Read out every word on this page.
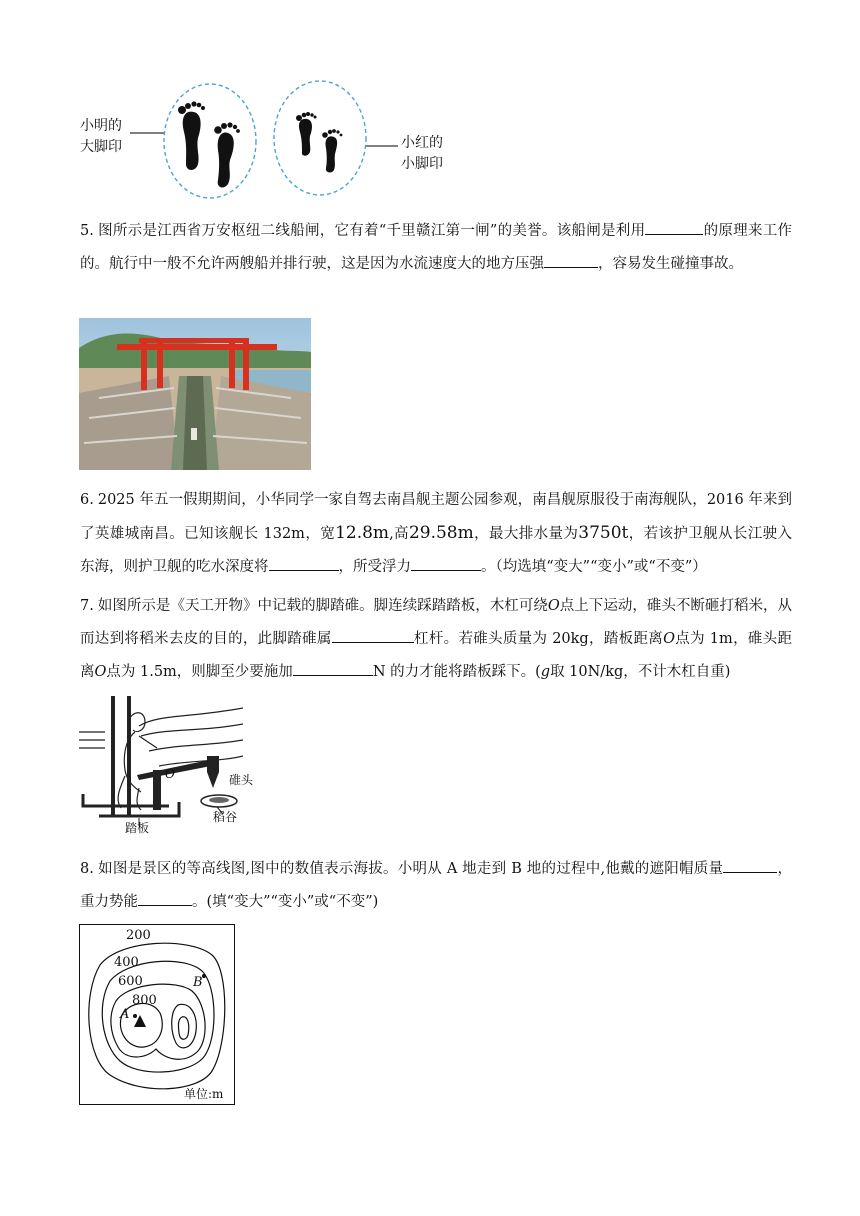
小明的
大脚印	小红的
小脚印

5. 图所示是江西省万安枢纽二线船闸，它有着“千里赣江第一闸”的美誉。该船闸是利用	的原理来工作的。航行中一般不允许两艘船并排行驶，这是因为水流速度大的地方压强	，容易发生碰撞事故。

6. 2025 年五一假期期间，小华同学一家自驾去南昌舰主题公园参观，南昌舰原服役于南海舰队，2016 年来到了英雄城南昌。已知该舰长 132m，宽12.8m,高29.58m，最大排水量为3750t，若该护卫舰从长江驶入东海，则护卫舰的吃水深度将	，所受浮力	。（均选填“变大”“变小”或“不变”）

7. 如图所示是《天工开物》中记载的脚踏碓。脚连续踩踏踏板，木杠可绕O点上下运动，碓头不断砸打稻米，从而达到将稻米去皮的目的，此脚踏碓属	杠杆。若碓头质量为 20kg，踏板距离O点为 1m，碓头距离O点为 1.5m，则脚至少要施加	N 的力才能将踏板踩下。(g取 10N/kg，不计木杠自重)

O	碓头
稻谷
踏板

8. 如图是景区的等高线图,图中的数值表示海拔。小明从 A 地走到 B 地的过程中,他戴的遮阳帽质量	，重力势能	。(填“变大”“变小”或“不变”)

200
400
600
800
A
B
单位:m
